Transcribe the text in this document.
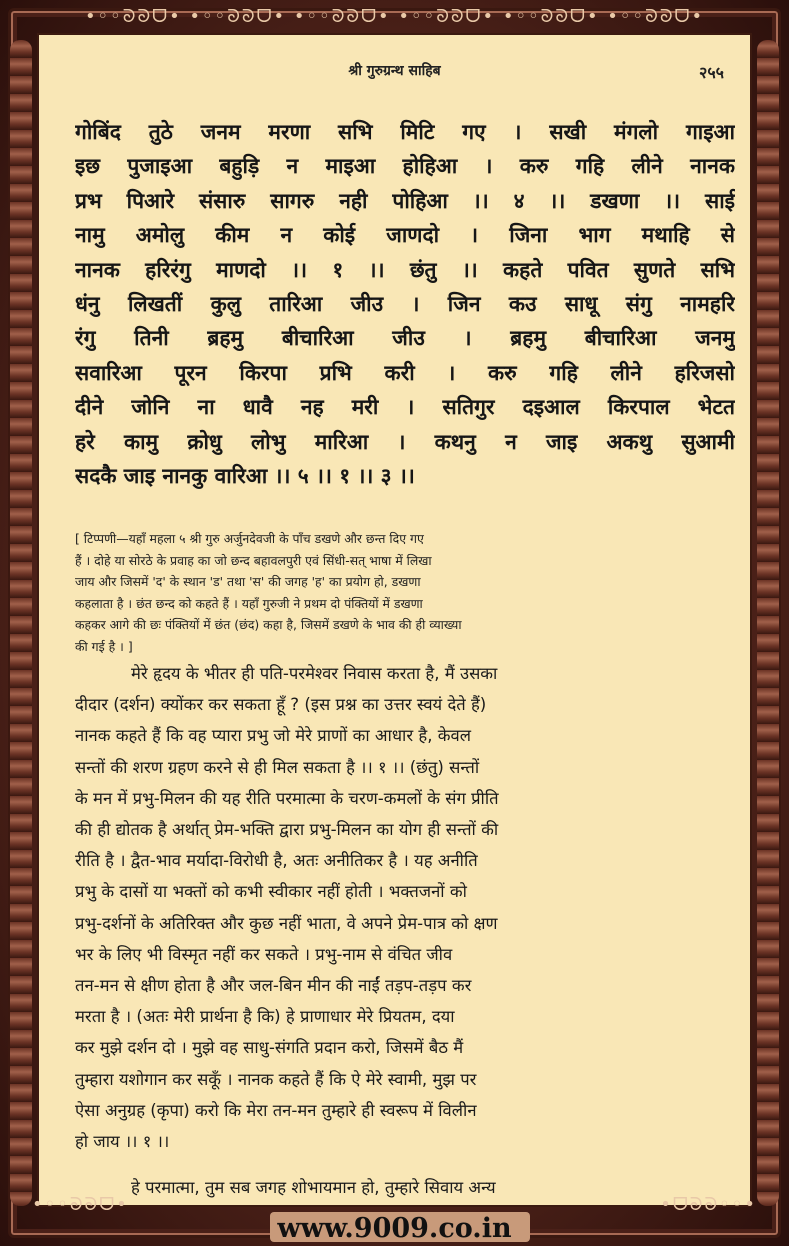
•◦◦ᘐᘐᗜ• •◦◦ᘐᘐᗜ• •◦◦ᘐᘐᗜ• •◦◦ᘐᘐᗜ• •◦◦ᘐᘐᗜ• •◦◦ᘐᘐᗜ•
श्री गुरुग्रन्थ साहिब	२५५
गोबिंद तुठे जनम मरणा सभि मिटि गए । सखी मंगलो गाइआ
इछ पुजाइआ बहुड़ि न माइआ होहिआ । करु गहि लीने नानक
प्रभ पिआरे संसारु सागरु नही पोहिआ ।। ४ ।। डखणा ।। साई
नामु अमोलु कीम न कोई जाणदो । जिना भाग मथाहि से
नानक हरिरंगु माणदो ।। १ ।। छंतु ।। कहते पवित सुणते सभि
धंनु लिखतीं कुलु तारिआ जीउ । जिन कउ साधू संगु नामहरि
रंगु तिनी ब्रहमु बीचारिआ जीउ । ब्रहमु बीचारिआ जनमु
सवारिआ पूरन किरपा प्रभि करी । करु गहि लीने हरिजसो
दीने जोनि ना धावै नह मरी । सतिगुर दइआल किरपाल भेटत
हरे कामु क्रोधु लोभु मारिआ । कथनु न जाइ अकथु सुआमी
सदकै जाइ नानकु वारिआ ।। ५ ।। १ ।। ३ ।।
[ टिप्पणी—यहाँ महला ५ श्री गुरु अर्जुनदेवजी के पाँच डखणे और छन्त दिए गए
हैं । दोहे या सोरठे के प्रवाह का जो छन्द बहावलपुरी एवं सिंधी-सत् भाषा में लिखा
जाय और जिसमें 'द' के स्थान 'ड' तथा 'स' की जगह 'ह' का प्रयोग हो, डखणा
कहलाता है । छंत छन्द को कहते हैं । यहाँ गुरुजी ने प्रथम दो पंक्तियों में डखणा
कहकर आगे की छः पंक्तियों में छंत (छंद) कहा है, जिसमें डखणे के भाव की ही व्याख्या
की गई है । ]
मेरे हृदय के भीतर ही पति-परमेश्वर निवास करता है, मैं उसका
दीदार (दर्शन) क्योंकर कर सकता हूँ ? (इस प्रश्न का उत्तर स्वयं देते हैं)
नानक कहते हैं कि वह प्यारा प्रभु जो मेरे प्राणों का आधार है, केवल
सन्तों की शरण ग्रहण करने से ही मिल सकता है ।। १ ।। (छंतु) सन्तों
के मन में प्रभु-मिलन की यह रीति परमात्मा के चरण-कमलों के संग प्रीति
की ही द्योतक है अर्थात् प्रेम-भक्ति द्वारा प्रभु-मिलन का योग ही सन्तों की
रीति है । द्वैत-भाव मर्यादा-विरोधी है, अतः अनीतिकर है । यह अनीति
प्रभु के दासों या भक्तों को कभी स्वीकार नहीं होती । भक्तजनों को
प्रभु-दर्शनों के अतिरिक्त और कुछ नहीं भाता, वे अपने प्रेम-पात्र को क्षण
भर के लिए भी विस्मृत नहीं कर सकते । प्रभु-नाम से वंचित जीव
तन-मन से क्षीण होता है और जल-बिन मीन की नाईं तड़प-तड़प कर
मरता है । (अतः मेरी प्रार्थना है कि) हे प्राणाधार मेरे प्रियतम, दया
कर मुझे दर्शन दो । मुझे वह साधु-संगति प्रदान करो, जिसमें बैठ मैं
तुम्हारा यशोगान कर सकूँ । नानक कहते हैं कि ऐ मेरे स्वामी, मुझ पर
ऐसा अनुग्रह (कृपा) करो कि मेरा तन-मन तुम्हारे ही स्वरूप में विलीन
हो जाय ।। १ ।।
हे परमात्मा, तुम सब जगह शोभायमान हो, तुम्हारे सिवाय अन्य
•◦◦ᘐᘐᗜ•	•ᗜᘐᘐ◦◦•
www.9009.co.in
